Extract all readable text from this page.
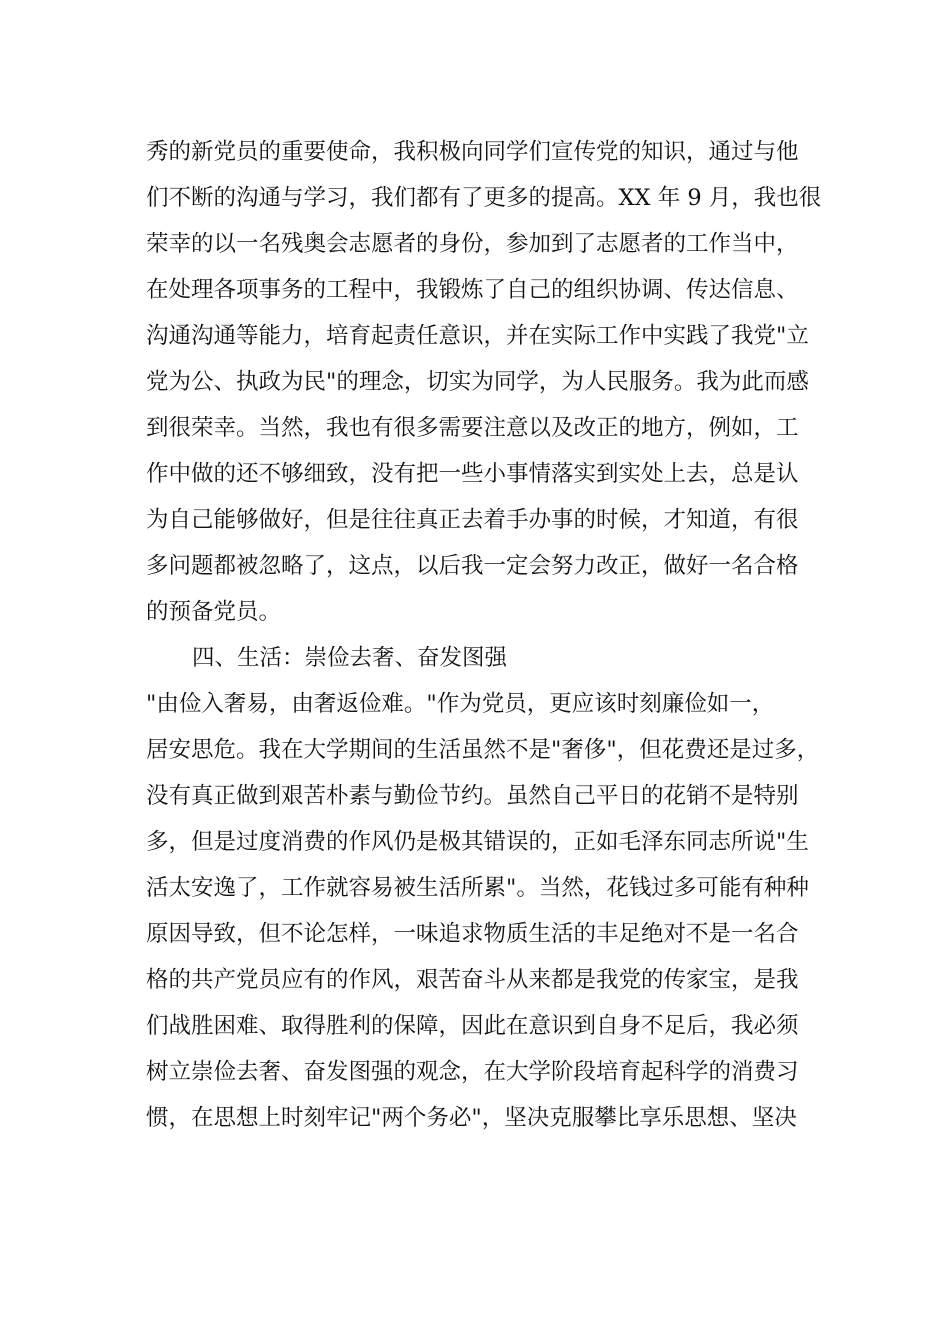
秀的新党员的重要使命，我积极向同学们宣传党的知识，通过与他
们不断的沟通与学习，我们都有了更多的提高。XX 年 9 月，我也很
荣幸的以一名残奥会志愿者的身份，参加到了志愿者的工作当中，
在处理各项事务的工程中，我锻炼了自己的组织协调、传达信息、
沟通沟通等能力，培育起责任意识，并在实际工作中实践了我党"立
党为公、执政为民"的理念，切实为同学，为人民服务。我为此而感
到很荣幸。当然，我也有很多需要注意以及改正的地方，例如，工
作中做的还不够细致，没有把一些小事情落实到实处上去，总是认
为自己能够做好，但是往往真正去着手办事的时候，才知道，有很
多问题都被忽略了，这点，以后我一定会努力改正，做好一名合格
的预备党员。
四、生活：崇俭去奢、奋发图强
"由俭入奢易，由奢返俭难。"作为党员，更应该时刻廉俭如一，
居安思危。我在大学期间的生活虽然不是"奢侈"，但花费还是过多，
没有真正做到艰苦朴素与勤俭节约。虽然自己平日的花销不是特别
多，但是过度消费的作风仍是极其错误的，正如毛泽东同志所说"生
活太安逸了，工作就容易被生活所累"。当然，花钱过多可能有种种
原因导致，但不论怎样，一味追求物质生活的丰足绝对不是一名合
格的共产党员应有的作风，艰苦奋斗从来都是我党的传家宝，是我
们战胜困难、取得胜利的保障，因此在意识到自身不足后，我必须
树立崇俭去奢、奋发图强的观念，在大学阶段培育起科学的消费习
惯，在思想上时刻牢记"两个务必"，坚决克服攀比享乐思想、坚决
